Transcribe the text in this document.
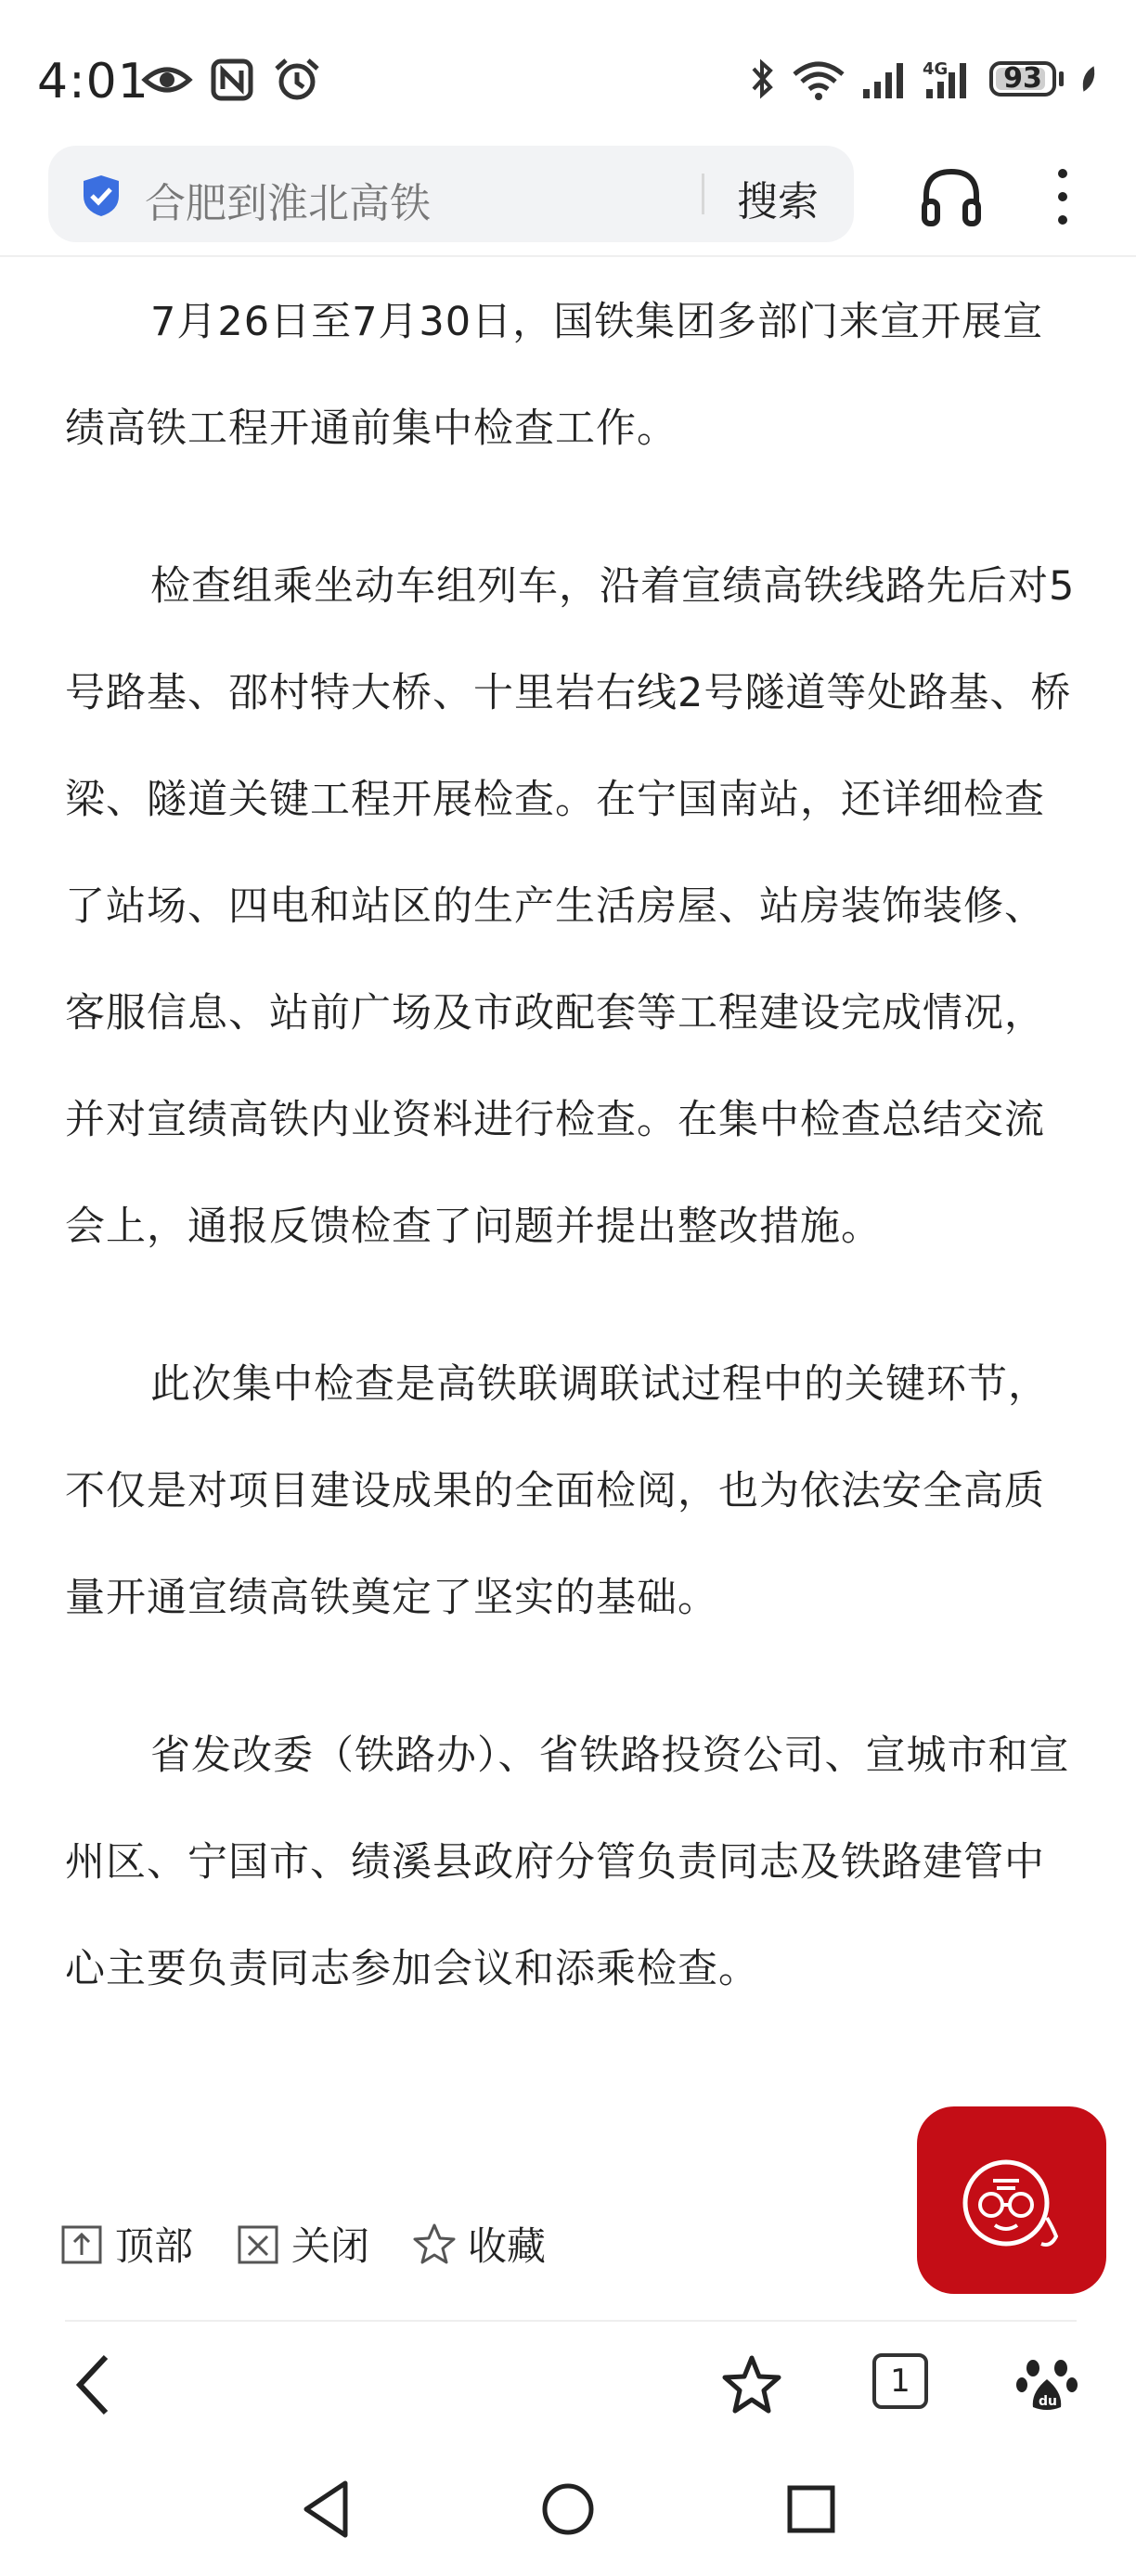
4:01	4G	93
合肥到淮北高铁	搜索

7月26日至7月30日，国铁集团多部门来宣开展宣绩高铁工程开通前集中检查工作。

检查组乘坐动车组列车，沿着宣绩高铁线路先后对5号路基、邵村特大桥、十里岩右线2号隧道等处路基、桥梁、隧道关键工程开展检查。在宁国南站，还详细检查了站场、四电和站区的生产生活房屋、站房装饰装修、客服信息、站前广场及市政配套等工程建设完成情况，并对宣绩高铁内业资料进行检查。在集中检查总结交流会上，通报反馈检查了问题并提出整改措施。

此次集中检查是高铁联调联试过程中的关键环节，不仅是对项目建设成果的全面检阅，也为依法安全高质量开通宣绩高铁奠定了坚实的基础。

省发改委（铁路办）、省铁路投资公司、宣城市和宣州区、宁国市、绩溪县政府分管负责同志及铁路建管中心主要负责同志参加会议和添乘检查。

顶部	关闭	收藏
1
du
